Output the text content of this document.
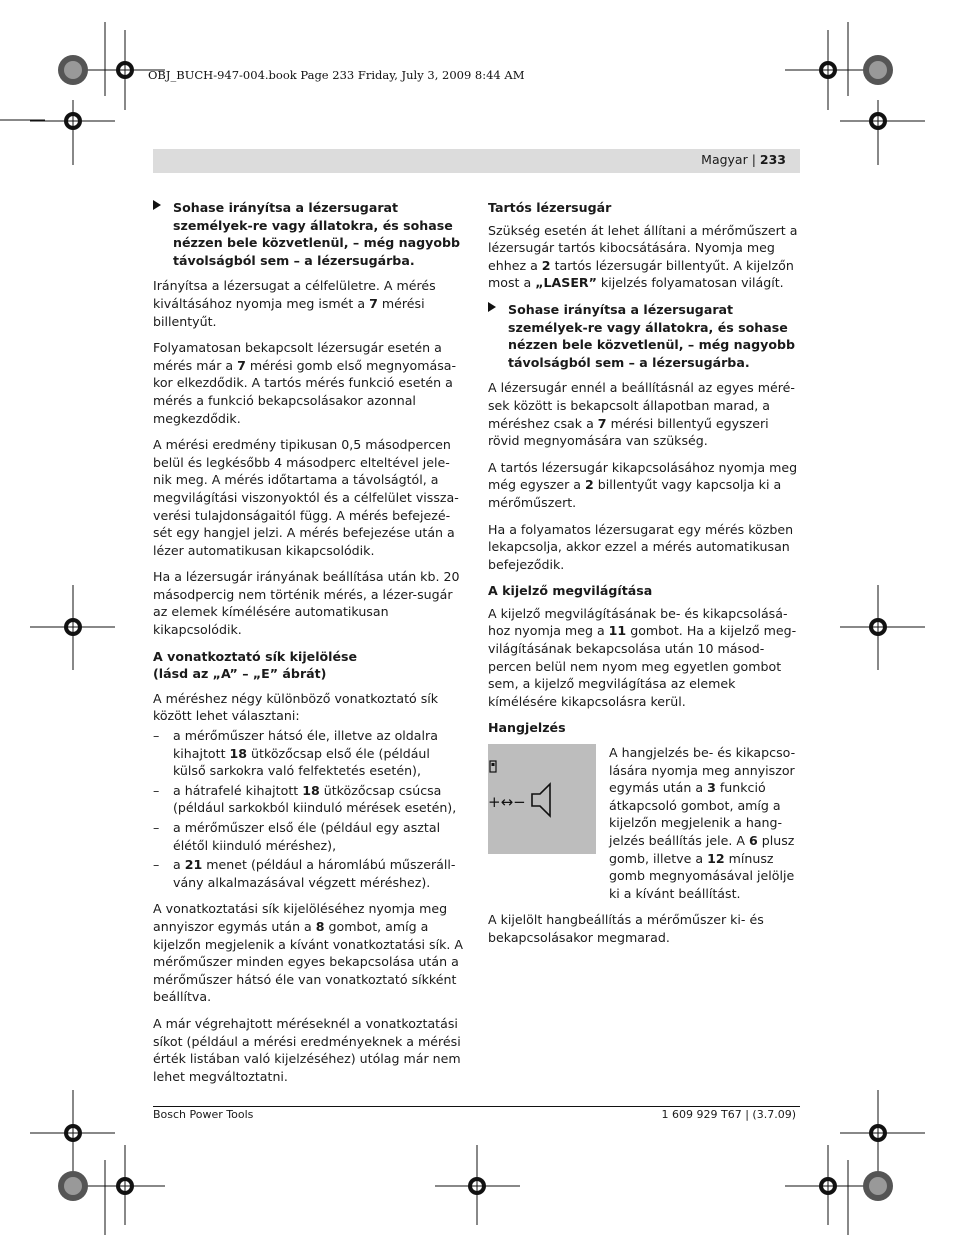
OBJ_BUCH-947-004.book Page 233 Friday, July 3, 2009 8:44 AM
Magyar | 233
Sohase irányítsa a lézersugarat személyek-re vagy állatokra, és sohase nézzen bele közvetlenül, – még nagyobb távolságból sem – a lézersugárba.

Irányítsa a lézersugat a célfelületre. A mérés kiváltásához nyomja meg ismét a 7 mérési billentyűt.

Folyamatosan bekapcsolt lézersugár esetén a mérés már a 7 mérési gomb első megnyomása-kor elkezdődik. A tartós mérés funkció esetén a mérés a funkció bekapcsolásakor azonnal megkezdődik.

A mérési eredmény tipikusan 0,5 másodpercen belül és legkésőbb 4 másodperc elteltével jele-nik meg. A mérés időtartama a távolságtól, a megvilágítási viszonyoktól és a célfelület vissza-verési tulajdonságaitól függ. A mérés befejezé-sét egy hangjel jelzi. A mérés befejezése után a lézer automatikusan kikapcsolódik.

Ha a lézersugár irányának beállítása után kb. 20 másodpercig nem történik mérés, a lézer-sugár az elemek kímélésére automatikusan kikapcsolódik.

A vonatkoztató sík kijelölése
(lásd az „A” – „E” ábrát)

A méréshez négy különböző vonatkoztató sík között lehet választani:

– a mérőműszer hátsó éle, illetve az oldalra kihajtott 18 ütközőcsap első éle (például külső sarkokra való felfektetés esetén),
– a hátrafelé kihajtott 18 ütközőcsap csúcsa (például sarkokból kiinduló mérések esetén),
– a mérőműszer első éle (például egy asztal élétől kiinduló méréshez),
– a 21 menet (például a háromlábú műszeráll-vány alkalmazásával végzett méréshez).

A vonatkoztatási sík kijelöléséhez nyomja meg annyiszor egymás után a 8 gombot, amíg a kijelzőn megjelenik a kívánt vonatkoztatási sík. A mérőműszer minden egyes bekapcsolása után a mérőműszer hátsó éle van vonatkoztató síkként beállítva.

A már végrehajtott méréseknél a vonatkoztatási síkot (például a mérési eredményeknek a mérési érték listában való kijelzéséhez) utólag már nem lehet megváltoztatni.

Tartós lézersugár

Szükség esetén át lehet állítani a mérőműszert a lézersugár tartós kibocsátására. Nyomja meg ehhez a 2 tartós lézersugár billentyűt. A kijelzőn most a „LASER” kijelzés folyamatosan világít.

Sohase irányítsa a lézersugarat személyek-re vagy állatokra, és sohase nézzen bele közvetlenül, – még nagyobb távolságból sem – a lézersugárba.

A lézersugár ennél a beállításnál az egyes méré-sek között is bekapcsolt állapotban marad, a méréshez csak a 7 mérési billentyű egyszeri rövid megnyomására van szükség.

A tartós lézersugár kikapcsolásához nyomja meg még egyszer a 2 billentyűt vagy kapcsolja ki a mérőműszert.

Ha a folyamatos lézersugarat egy mérés közben lekapcsolja, akkor ezzel a mérés automatikusan befejeződik.

A kijelző megvilágítása

A kijelző megvilágításának be- és kikapcsolásá-hoz nyomja meg a 11 gombot. Ha a kijelző meg-világításának bekapcsolása után 10 másod-percen belül nem nyom meg egyetlen gombot sem, a kijelző megvilágítása az elemek kímélésére kikapcsolásra kerül.

Hangjelzés
+↔−
A hangjelzés be- és kikapcso-lására nyomja meg annyiszor egymás után a 3 funkció átkapcsoló gombot, amíg a kijelzőn megjelenik a hang-jelzés beállítás jele. A 6 plusz gomb, illetve a 12 mínusz gomb megnyomásával jelölje ki a kívánt beállítást.

A kijelölt hangbeállítás a mérőműszer ki- és bekapcsolásakor megmarad.

Bosch Power Tools	1 609 929 T67 | (3.7.09)
